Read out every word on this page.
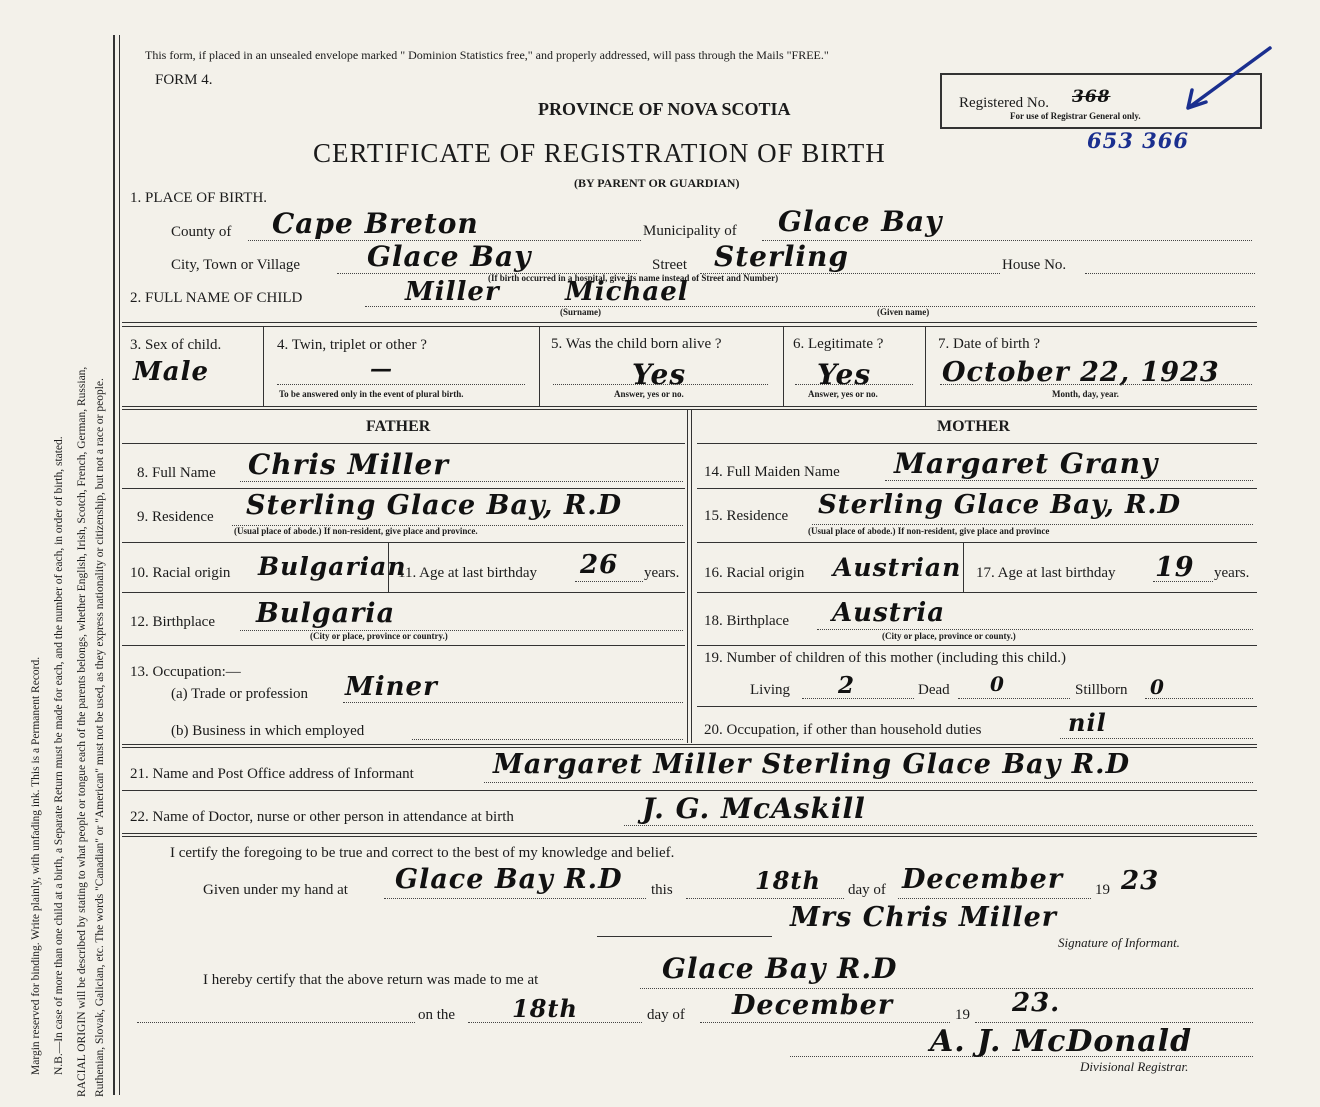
Margin reserved for binding. Write plainly, with unfading ink. This is a Permanent Record. N.B.—In case of more than one child at a birth, a Separate Return must be made for each, and the number of each, in order of birth, stated. RACIAL ORIGIN will be described by stating to what people or tongue each of the parents belongs, whether English, Irish, Scotch, French, German, Russian, Ruthenian, Slovak, Galician, etc. The words "Canadian" or "American" must not be used, as they express nationality or citizenship, but not a race or people.
This form, if placed in an unsealed envelope marked " Dominion Statistics free," and properly addressed, will pass through the Mails "FREE."
FORM 4.
PROVINCE OF NOVA SCOTIA
CERTIFICATE OF REGISTRATION OF BIRTH
(BY PARENT OR GUARDIAN)
Registered No. 368
For use of Registrar General only.
653 366
1. PLACE OF BIRTH.
County of Cape Breton	Municipality of Glace Bay
City, Town or Village Glace Bay	Street Sterling	House No.
(If birth occurred in a hospital, give its name instead of Street and Number)
2. FULL NAME OF CHILD	Miller	Michael
(Surname)	(Given name)
3. Sex of child.
Male
4. Twin, triplet or other ?
—
To be answered only in the event of plural birth.
5. Was the child born alive ?
Yes
Answer, yes or no.
6. Legitimate ?
Yes
Answer, yes or no.
7. Date of birth ?
October 22, 1923
Month, day, year.
FATHER
8. Full Name Chris Miller
9. Residence Sterling Glace Bay, R.D
(Usual place of abode.) If non-resident, give place and province.
10. Racial origin Bulgarian
11. Age at last birthday 26 years.
12. Birthplace Bulgaria
(City or place, province or country.)
13. Occupation:—
(a) Trade or profession Miner
(b) Business in which employed
MOTHER
14. Full Maiden Name Margaret Grany
15. Residence Sterling Glace Bay, R.D
(Usual place of abode.) If non-resident, give place and province
16. Racial origin Austrian 17. Age at last birthday 19 years.
18. Birthplace Austria
(City or place, province or county.)
19. Number of children of this mother (including this child.)
Living 2	Dead 0	Stillborn 0
20. Occupation, if other than household duties	nil
21. Name and Post Office address of Informant	Margaret Miller Sterling Glace Bay R.D
22. Name of Doctor, nurse or other person in attendance at birth	J. G. McAskill
I certify the foregoing to be true and correct to the best of my knowledge and belief.
Given under my hand at Glace Bay R.D this	18th day of December 19 23
Mrs Chris Miller
Signature of Informant.
I hereby certify that the above return was made to me at	Glace Bay R.D
on the 18th	day of December	19 23.
A. J. McDonald
Divisional Registrar.
